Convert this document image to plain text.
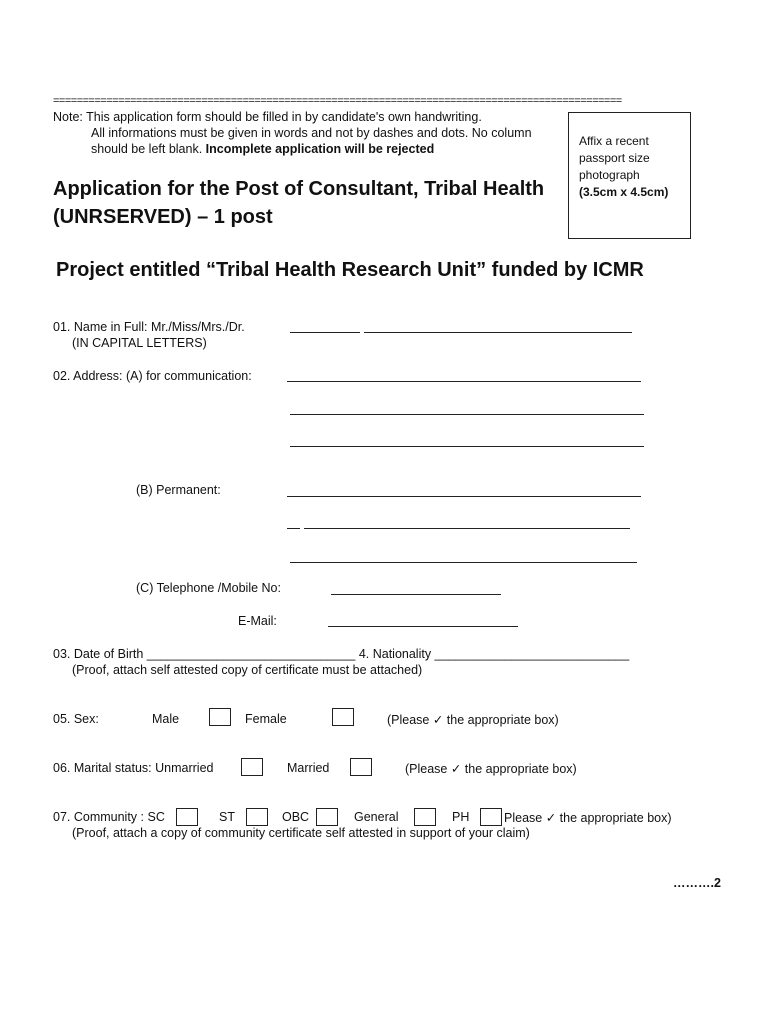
================================================================================================
Note: This application form should be filled in by candidate's own handwriting.
All informations must be given in words and not by dashes and dots. No column
should be left blank. Incomplete application will be rejected
Affix a recent
passport size
photograph
(3.5cm x 4.5cm)
Application for the Post of Consultant, Tribal Health
(UNRSERVED) – 1 post
Project entitled “Tribal Health Research Unit” funded by ICMR
01. Name in Full: Mr./Miss/Mrs./Dr.
(IN CAPITAL LETTERS)
02. Address: (A) for communication:
(B) Permanent:
(C) Telephone /Mobile No:
E-Mail:
03. Date of Birth ______________________________ 4. Nationality ____________________________
(Proof, attach self attested copy of certificate must be attached)
05. Sex:	Male	Female	(Please ✓ the appropriate box)
06. Marital status: Unmarried	Married	(Please ✓ the appropriate box)
07. Community : SC	ST	OBC	General	PH	Please ✓ the appropriate box)
(Proof, attach a copy of community certificate self attested in support of your claim)
……….2
